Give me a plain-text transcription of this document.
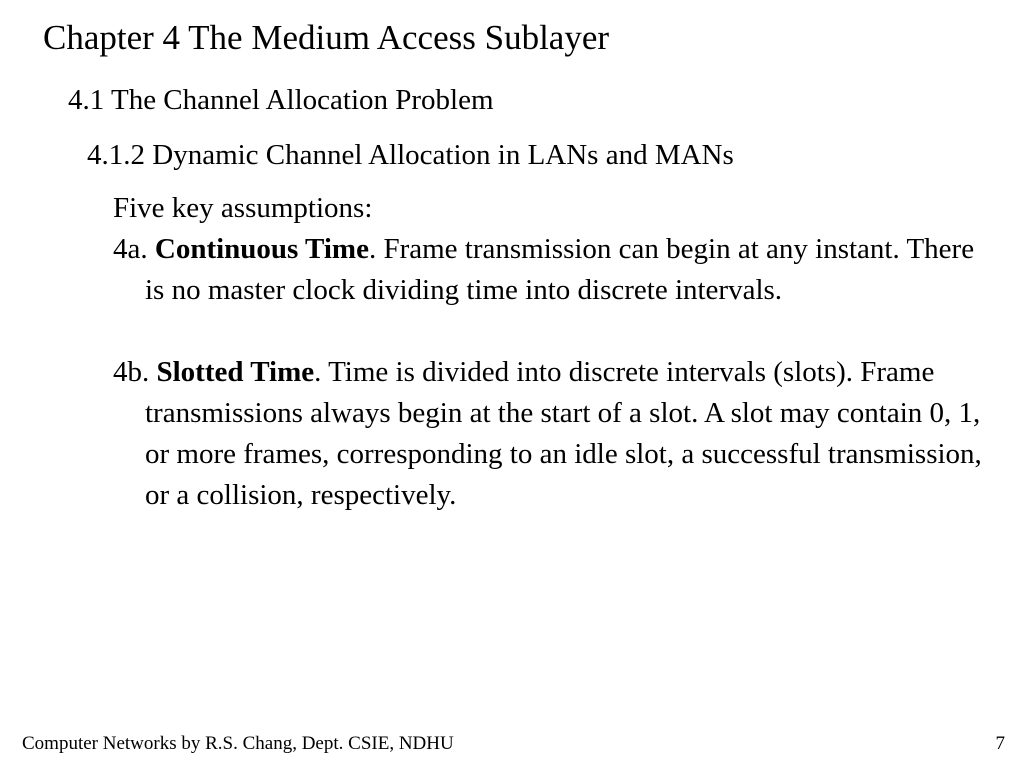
Chapter 4 The Medium Access Sublayer
4.1 The Channel Allocation Problem
4.1.2 Dynamic Channel Allocation in LANs and MANs

Five key assumptions:

4a. Continuous Time. Frame transmission can begin at any instant. There is no master clock dividing time into discrete intervals.

4b. Slotted Time. Time is divided into discrete intervals (slots). Frame transmissions always begin at the start of a slot. A slot may contain 0, 1, or more frames, corresponding to an idle slot, a successful transmission, or a collision, respectively.

Computer Networks by R.S. Chang, Dept. CSIE, NDHU	7
